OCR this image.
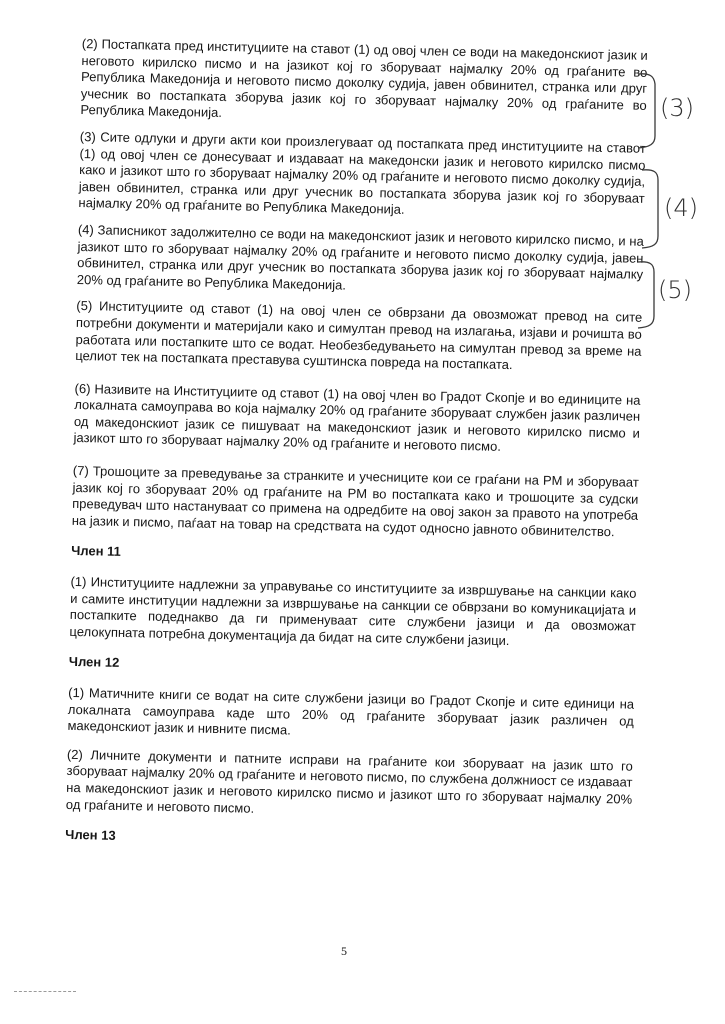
(2) Постапката пред институциите на ставот (1) од овој член се води на македонскиот јазик и неговото кирилско писмо и на јазикот кој го зборуваат најмалку 20% од граѓаните во Република Македонија и неговото писмо доколку судија, јавен обвинител, странка или друг учесник во постапката зборува јазик кој го зборуваат најмалку 20% од граѓаните во Република Македонија.

(3) Сите одлуки и други акти кои произлегуваат од постапката пред институциите на ставот (1) од овој член се донесуваат и издаваат на македонски јазик и неговото кирилско писмо како и јазикот што го зборуваат најмалку 20% од граѓаните и неговото писмо доколку судија, јавен обвинител, странка или друг учесник во постапката зборува јазик кој го зборуваат најмалку 20% од граѓаните во Република Македонија.

(4) Записникот задолжително се води на македонскиот јазик и неговото кирилско писмо, и на јазикот што го зборуваат најмалку 20% од граѓаните и неговото писмо доколку судија, јавен обвинител, странка или друг учесник во постапката зборува јазик кој го зборуваат најмалку 20% од граѓаните во Република Македонија.

(5) Институциите од ставот (1) на овој член се обврзани да овозможат превод на сите потребни документи и материјали како и симултан превод на излагања, изјави и рочишта во работата или постапките што се водат. Необезбедувањето на симултан превод за време на целиот тек на постапката преставува суштинска повреда на постапката.

(6) Називите на Институциите од ставот (1) на овој член во Градот Скопје и во единиците на локалната самоуправа во која најмалку 20% од граѓаните зборуваат службен јазик различен од македонскиот јазик се пишуваат на македонскиот јазик и неговото кирилско писмо и јазикот што го зборуваат најмалку 20% од граѓаните и неговото писмо.

(7) Трошоците за преведување за странките и учесниците кои се граѓани на РМ и зборуваат јазик кој го зборуваат 20% од граѓаните на РМ во постапката како и трошоците за судски преведувач што настануваат со примена на одредбите на овој закон за правото на употреба на јазик и писмо, паѓаат на товар на средствата на судот односно јавното обвинителство.

Член 11

(1) Институциите надлежни за управување со институциите за извршување на санкции како и самите институции надлежни за извршување на санкции се обврзани во комуникацијата и постапките подеднакво да ги применуваат сите службени јазици и да овозможат целокупната потребна документација да бидат на сите службени јазици.

Член 12

(1) Матичните книги се водат на сите службени јазици во Градот Скопје и сите единици на локалната самоуправа каде што 20% од граѓаните зборуваат јазик различен од македонскиот јазик и нивните писма.

(2) Личните документи и патните исправи на граѓаните кои зборуваат на јазик што го зборуваат најмалку 20% од граѓаните и неговото писмо, по службена должниост се издаваат на македонскиот јазик и неговото кирилско писмо и јазикот што го зборуваат најмалку 20% од граѓаните и неговото писмо.

Член 13

(3)
(4)
(5)
5
